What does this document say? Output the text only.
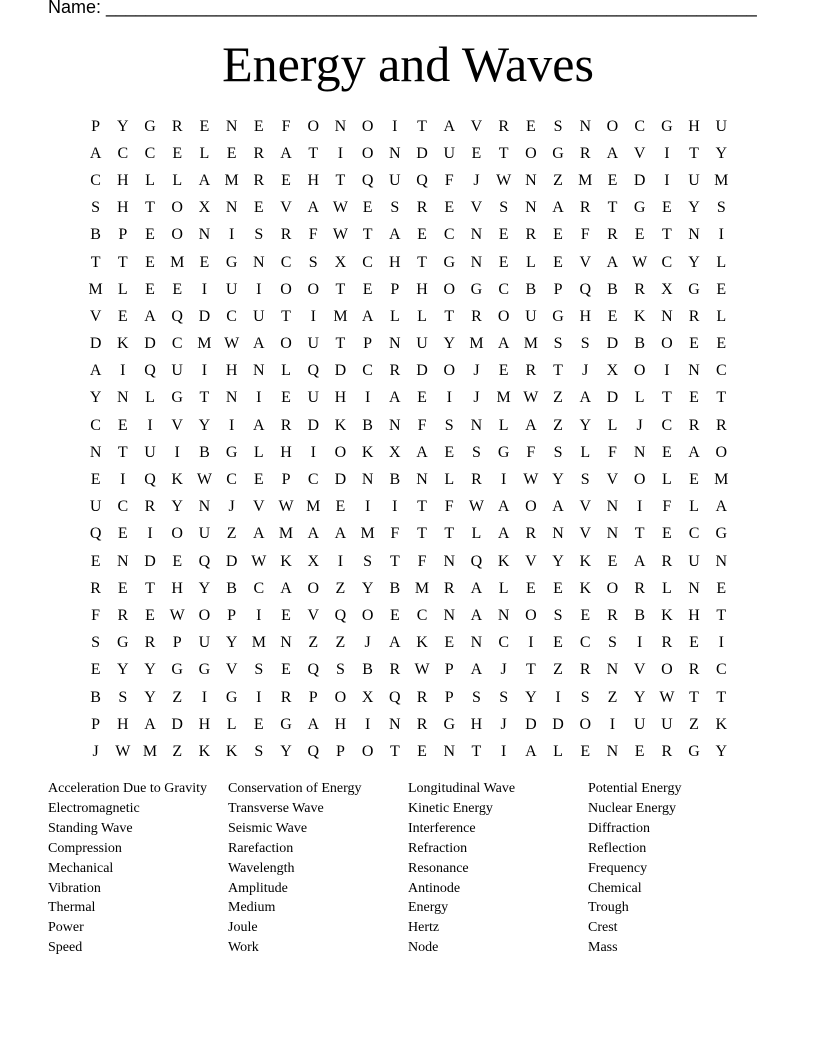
Name: _________________________________________________________________
Energy and Waves
P	Y G	R	E	N	E	F	O N O	I	T	A V	R	E	S	N O	C	G H U
A	C	C	E	L	E	R	A	T	I	O N D U	E	T	O G	R	A V	I	T	Y
C	H	L	L	A M R	E	H	T	Q U Q	F	J	W N	Z M E	D	I	U M
S	H	T	O X N	E	V A W E	S	R	E	V	S	N A	R	T	G	E	Y	S
B	P	E	O N	I	S	R	F W T	A	E	C	N	E	R	E	F	R	E	T	N	I
T	T	E M E	G N	C	S	X	C	H	T	G N	E	L	E	V A W C	Y	L
M L	E	E	I	U	I	O O	T	E	P	H O G	C	B	P	Q	B	R	X G	E
V	E	A Q D	C	U	T	I	M A	L	L	T	R	O U G H	E	K N	R	L
D K D	C M W A O U	T	P	N U Y M A M S	S	D	B	O	E	E
A	I	Q U	I	H N	L	Q D	C	R	D O	J	E	R	T	J	X O	I	N	C
Y N	L	G	T	N	I	E	U H	I	A	E	I	J	M W Z	A D	L	T	E	T
C	E	I	V Y	I	A	R	D K	B	N	F	S	N	L	A	Z	Y	L	J	C	R	R
N	T	U	I	B	G	L	H	I	O K X A	E	S	G	F	S	L	F	N	E	A O
E	I	Q K W C	E	P	C	D N	B	N	L	R	I	W Y	S	V O	L	E M
U	C	R	Y N	J	V W M E	I	I	T	F W A O A V N	I	F	L	A
Q	E	I	O U	Z	A M A A M F	T	T	L	A	R	N V N	T	E	C	G
E	N D	E	Q D W K X	I	S	T	F	N Q K V Y K	E	A	R	U N
R	E	T	H Y	B	C	A O	Z	Y	B M R	A	L	E	E	K O	R	L	N	E
F	R	E W O	P	I	E	V Q O	E	C	N A N O	S	E	R	B	K H	T
S	G	R	P	U Y M N	Z	Z	J	A K	E	N	C	I	E	C	S	I	R	E	I
E	Y Y G G V	S	E	Q	S	B	R W P	A	J	T	Z	R	N V O	R	C
B	S	Y	Z	I	G	I	R	P	O X Q	R	P	S	S	Y	I	S	Z	Y W T	T
P	H A D H	L	E	G A H	I	N	R	G H	J	D D O	I	U U	Z	K
J	W M Z	K K	S	Y Q	P	O	T	E	N	T	I	A	L	E	N	E	R	G Y
Acceleration Due to Gravity
Electromagnetic
Standing Wave
Compression
Mechanical
Vibration
Thermal
Power
Speed
Conservation of Energy
Transverse Wave
Seismic Wave
Rarefaction
Wavelength
Amplitude
Medium
Joule
Work
Longitudinal Wave
Kinetic Energy
Interference
Refraction
Resonance
Antinode
Energy
Hertz
Node
Potential Energy
Nuclear Energy
Diffraction
Reflection
Frequency
Chemical
Trough
Crest
Mass
